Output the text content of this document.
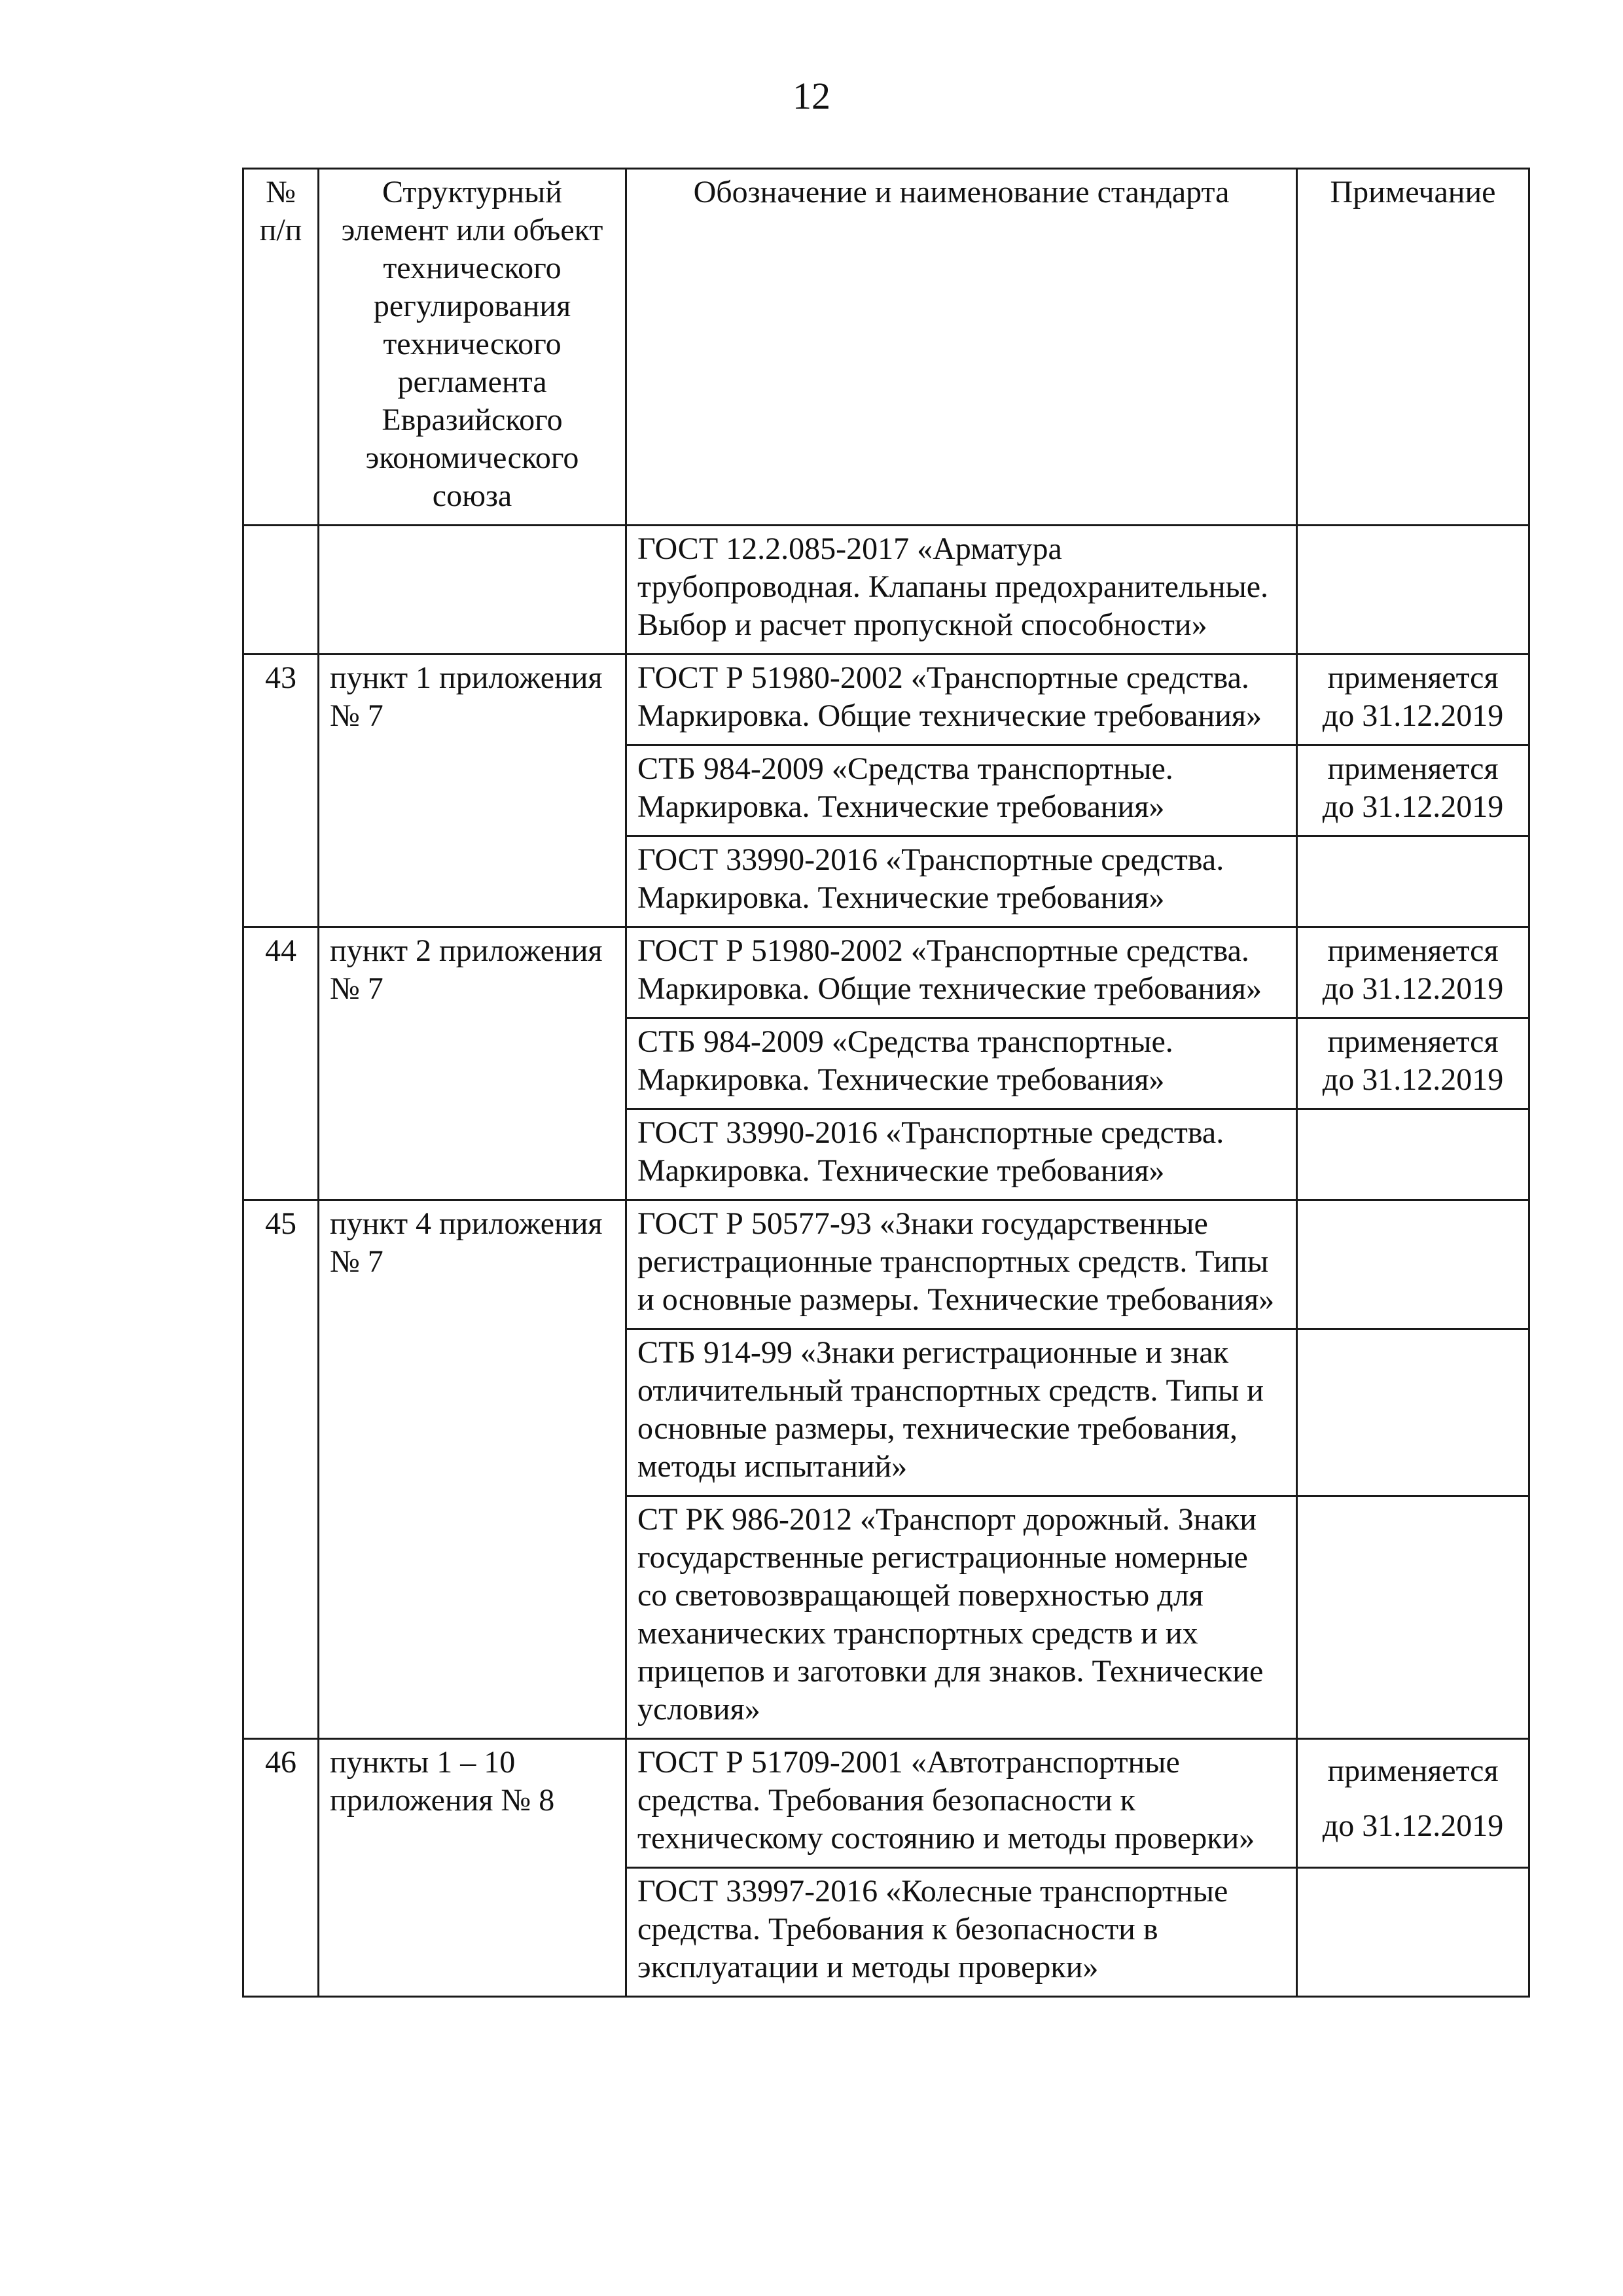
12
№ п/п	Структурный элемент или объект технического регулирования технического регламента Евразийского экономического союза	Обозначение и наименование стандарта	Примечание
		ГОСТ 12.2.085-2017 «Арматура трубопроводная. Клапаны предохранительные. Выбор и расчет пропускной способности»	
43	пункт 1 приложения № 7	ГОСТ Р 51980-2002 «Транспортные средства. Маркировка. Общие технические требования»	применяется до 31.12.2019
		СТБ 984-2009 «Средства транспортные. Маркировка. Технические требования»	применяется до 31.12.2019
		ГОСТ 33990-2016 «Транспортные средства. Маркировка. Технические требования»	
44	пункт 2 приложения № 7	ГОСТ Р 51980-2002 «Транспортные средства. Маркировка. Общие технические требования»	применяется до 31.12.2019
		СТБ 984-2009 «Средства транспортные. Маркировка. Технические требования»	применяется до 31.12.2019
		ГОСТ 33990-2016 «Транспортные средства. Маркировка. Технические требования»	
45	пункт 4 приложения № 7	ГОСТ Р 50577-93 «Знаки государственные регистрационные транспортных средств. Типы и основные размеры. Технические требования»	
		СТБ 914-99 «Знаки регистрационные и знак отличительный транспортных средств. Типы и основные размеры, технические требования, методы испытаний»	
		СТ РК 986-2012 «Транспорт дорожный. Знаки государственные регистрационные номерные со световозвращающей поверхностью для механических транспортных средств и их прицепов и заготовки для знаков. Технические условия»	
46	пункты 1 – 10 приложения № 8	ГОСТ Р 51709-2001 «Автотранспортные средства. Требования безопасности к техническому состоянию и методы проверки»	применяется до 31.12.2019
		ГОСТ 33997-2016 «Колесные транспортные средства. Требования к безопасности в эксплуатации и методы проверки»	
